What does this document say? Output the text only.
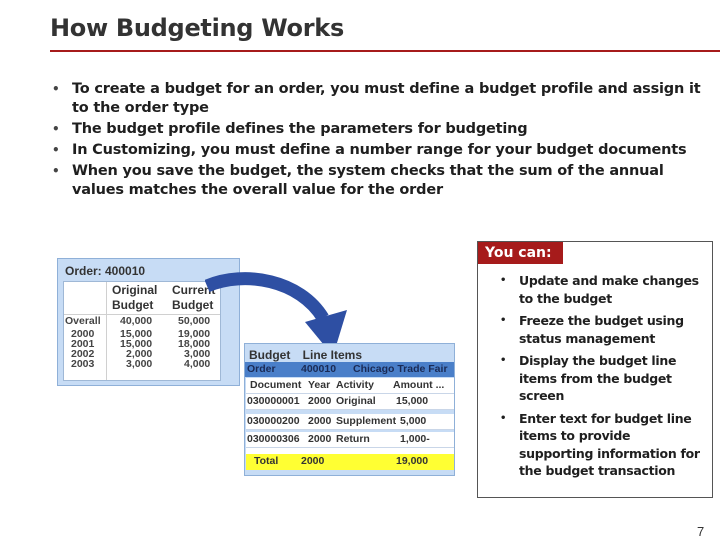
How Budgeting Works
• To create a budget for an order, you must define a budget profile and assign it to the order type
• The budget profile defines the parameters for budgeting
• In Customizing, you must define a number range for your budget documents
• When you save the budget, the system checks that the sum of the annual values matches the overall value for the order
Order: 400010
Original
Budget
Current
Budget
Overall 40,000 50,000
2000 15,000 19,000
2001 15,000 18,000
2002	2,000	3,000
2003	3,000	4,000
Budget Line Items
Order 400010 Chicago Trade Fair
Document Year Activity Amount ...
030000001 2000 Original 15,000
030000200 2000 Supplement 5,000
030000306 2000 Return	1,000-
Total 2000	19,000
You can:
• Update and make changes to the budget
• Freeze the budget using status management
• Display the budget line items from the budget screen
• Enter text for budget line items to provide supporting information for the budget transaction
7
